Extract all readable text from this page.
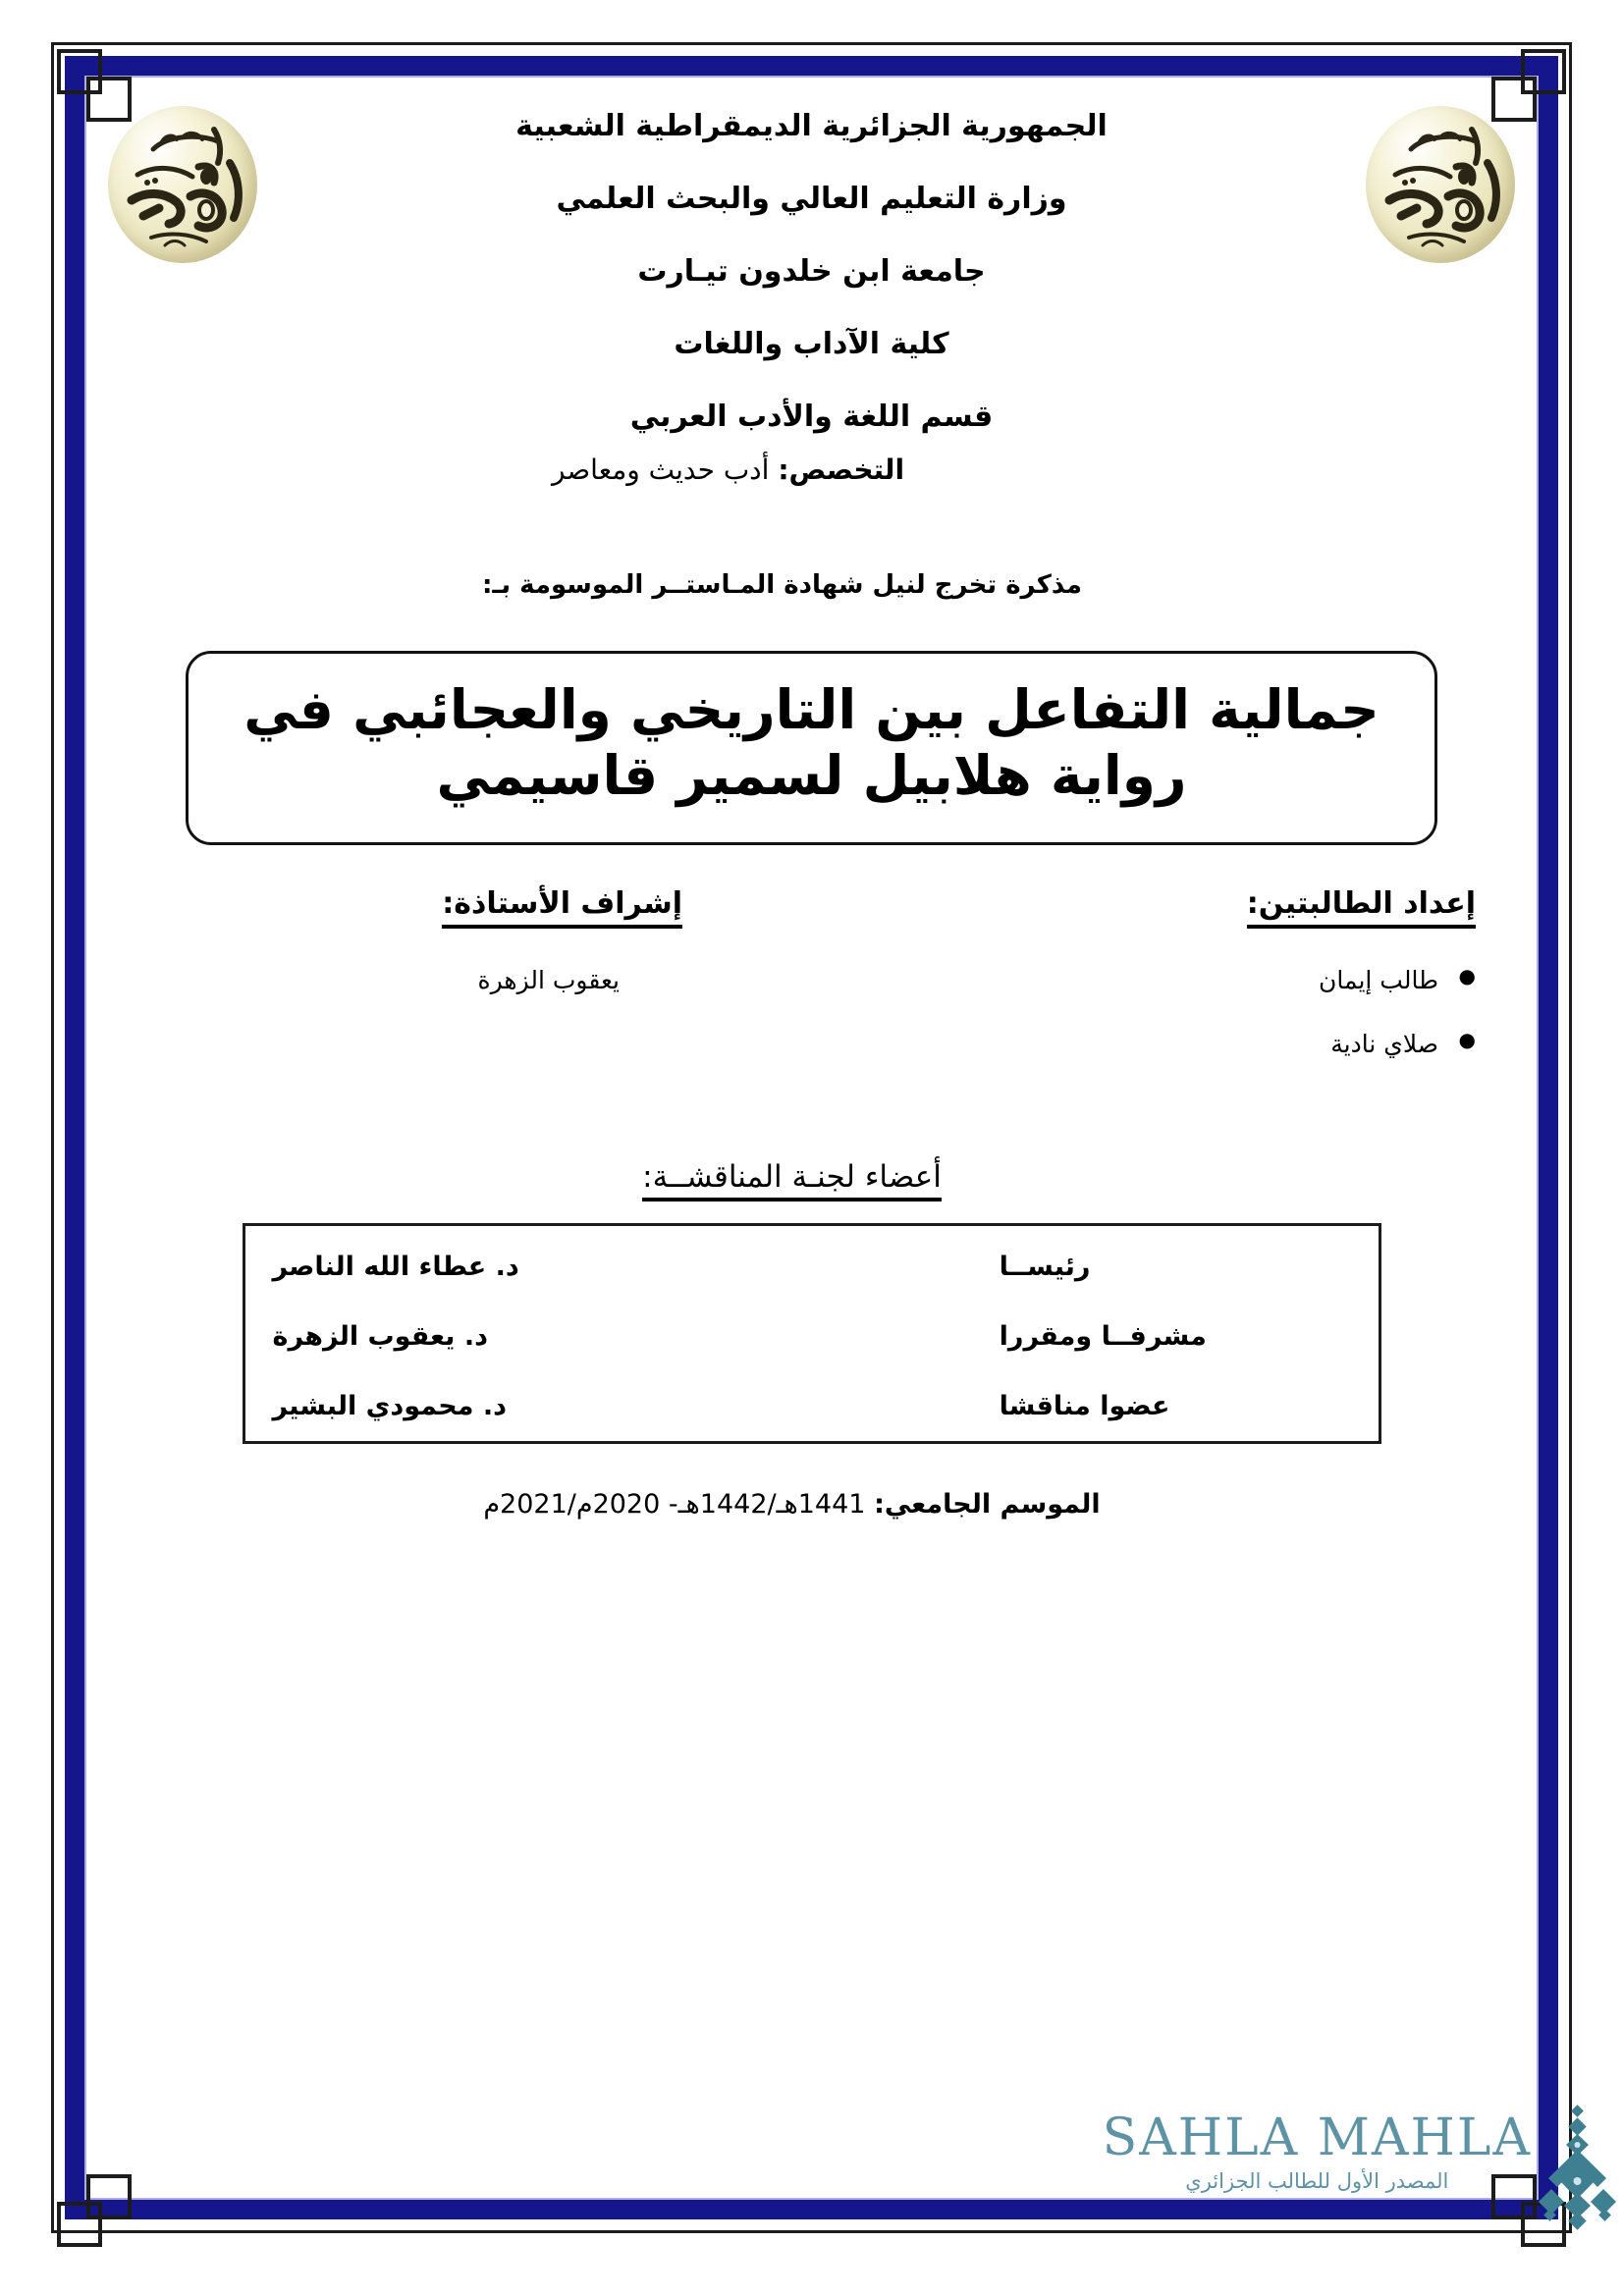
الجمهورية الجزائرية الديمقراطية الشعبية
وزارة التعليم العالي والبحث العلمي
جامعة ابن خلدون تيـارت
كلية الآداب واللغات
قسم اللغة والأدب العربي
التخصص: أدب حديث ومعاصر
مذكرة تخرج لنيل شهادة المـاستــر الموسومة بـ:
جمالية التفاعل بين التاريخي والعجائبي في
رواية هلابيل لسمير قاسيمي
إعداد الطالبتين:
● طالب إيمان
● صلاي نادية
إشراف الأستاذة:
يعقوب الزهرة
أعضاء لجنـة المناقشــة:
رئيســا	د. عطاء الله الناصر
مشرفــا ومقررا	د. يعقوب الزهرة
عضوا مناقشا	د. محمودي البشير
الموسم الجامعي: 1441هـ/1442هـ- 2020م/2021م
SAHLA MAHLA
المصدر الأول للطالب الجزائري
